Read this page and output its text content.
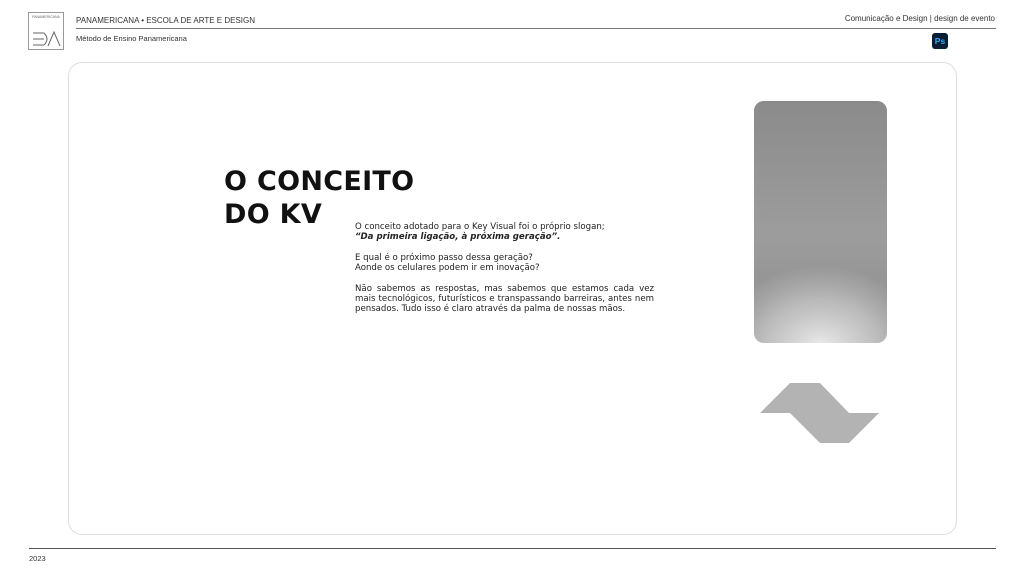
PANAMERICANA	PANAMERICANA • ESCOLA DE ARTE E DESIGN
Método de Ensino Panamericana
Comunicação e Design | design de evento
Ps
O CONCEITO
DO KV	O conceito adotado para o Key Visual foi o próprio slogan;
“Da primeira ligação, à próxima geração”.

E qual é o próximo passo dessa geração?
Aonde os celulares podem ir em inovação?

Não sabemos as respostas, mas sabemos que estamos cada vez mais tecnológicos, futurísticos e transpassando barreiras, antes nem pensados. Tudo isso é claro através da palma de nossas mãos.

2023
